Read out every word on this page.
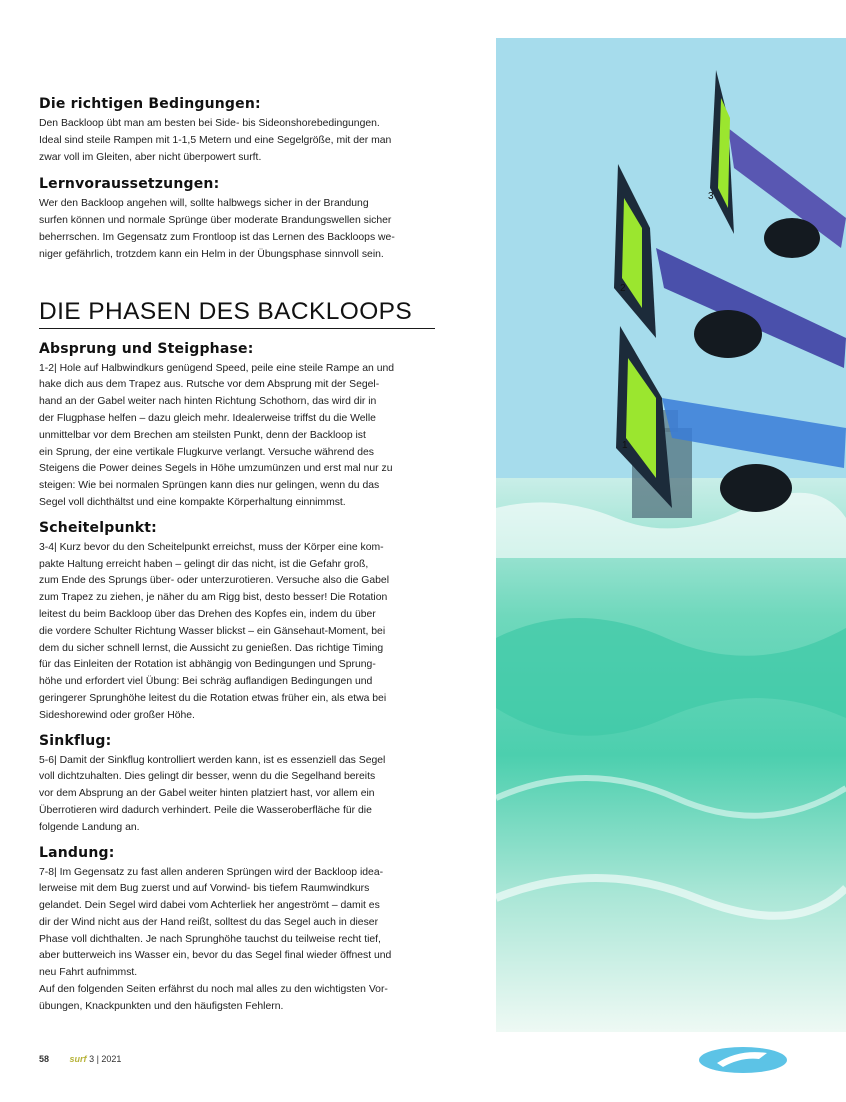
Die richtigen Bedingungen:

Den Backloop übt man am besten bei Side- bis Sideonshorebedingungen.
Ideal sind steile Rampen mit 1-1,5 Metern und eine Segelgröße, mit der man
zwar voll im Gleiten, aber nicht überpowert surft.

Lernvoraussetzungen:

Wer den Backloop angehen will, sollte halbwegs sicher in der Brandung
surfen können und normale Sprünge über moderate Brandungswellen sicher
beherrschen. Im Gegensatz zum Frontloop ist das Lernen des Backloops we-
niger gefährlich, trotzdem kann ein Helm in der Übungsphase sinnvoll sein.

DIE PHASEN DES BACKLOOPS
Absprung und Steigphase:

1-2| Hole auf Halbwindkurs genügend Speed, peile eine steile Rampe an und
hake dich aus dem Trapez aus. Rutsche vor dem Absprung mit der Segel-
hand an der Gabel weiter nach hinten Richtung Schothorn, das wird dir in
der Flugphase helfen – dazu gleich mehr. Idealerweise triffst du die Welle
unmittelbar vor dem Brechen am steilsten Punkt, denn der Backloop ist
ein Sprung, der eine vertikale Flugkurve verlangt. Versuche während des
Steigens die Power deines Segels in Höhe umzumünzen und erst mal nur zu
steigen: Wie bei normalen Sprüngen kann dies nur gelingen, wenn du das
Segel voll dichthältst und eine kompakte Körperhaltung einnimmst.

Scheitelpunkt:

3-4| Kurz bevor du den Scheitelpunkt erreichst, muss der Körper eine kom-
pakte Haltung erreicht haben – gelingt dir das nicht, ist die Gefahr groß,
zum Ende des Sprungs über- oder unterzurotieren. Versuche also die Gabel
zum Trapez zu ziehen, je näher du am Rigg bist, desto besser! Die Rotation
leitest du beim Backloop über das Drehen des Kopfes ein, indem du über
die vordere Schulter Richtung Wasser blickst – ein Gänsehaut-Moment, bei
dem du sicher schnell lernst, die Aussicht zu genießen. Das richtige Timing
für das Einleiten der Rotation ist abhängig von Bedingungen und Sprung-
höhe und erfordert viel Übung: Bei schräg auflandigen Bedingungen und
geringerer Sprunghöhe leitest du die Rotation etwas früher ein, als etwa bei
Sideshorewind oder großer Höhe.

Sinkflug:

5-6| Damit der Sinkflug kontrolliert werden kann, ist es essenziell das Segel
voll dichtzuhalten. Dies gelingt dir besser, wenn du die Segelhand bereits
vor dem Absprung an der Gabel weiter hinten platziert hast, vor allem ein
Überrotieren wird dadurch verhindert. Peile die Wasseroberfläche für die
folgende Landung an.

Landung:

7-8| Im Gegensatz zu fast allen anderen Sprüngen wird der Backloop idea-
lerweise mit dem Bug zuerst und auf Vorwind- bis tiefem Raumwindkurs
gelandet. Dein Segel wird dabei vom Achterliek her angeströmt – damit es
dir der Wind nicht aus der Hand reißt, solltest du das Segel auch in dieser
Phase voll dichthalten. Je nach Sprunghöhe tauchst du teilweise recht tief,
aber butterweich ins Wasser ein, bevor du das Segel final wieder öffnest und
neu Fahrt aufnimmst.
Auf den folgenden Seiten erfährst du noch mal alles zu den wichtigsten Vor-
übungen, Knackpunkten und den häufigsten Fehlern.

3
2
1
58 surf 3 | 2021
